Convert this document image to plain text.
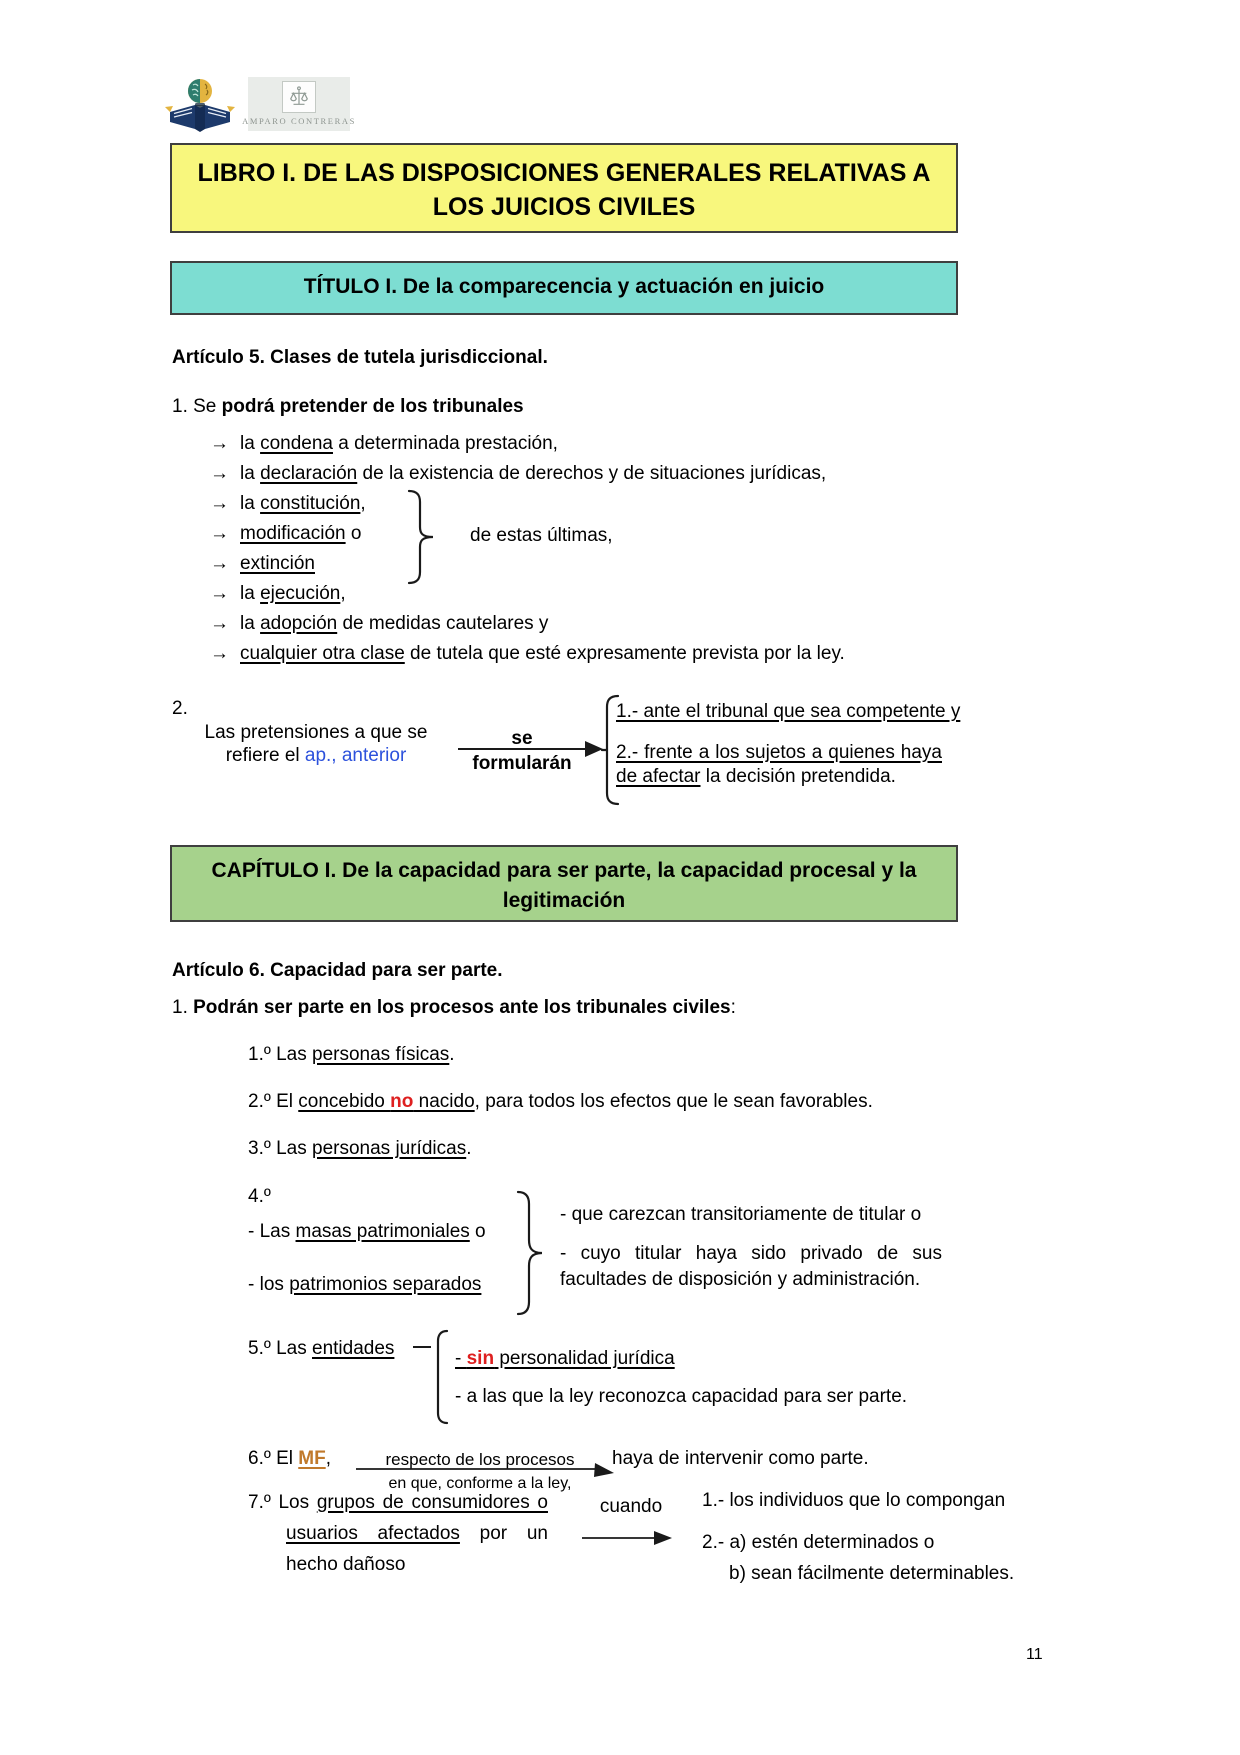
AMPARO CONTRERAS
LIBRO I. DE LAS DISPOSICIONES GENERALES RELATIVAS A LOS JUICIOS CIVILES
TÍTULO I. De la comparecencia y actuación en juicio
CAPÍTULO I. De la capacidad para ser parte, la capacidad procesal y la legitimación
Artículo 5. Clases de tutela jurisdiccional.
1. Se podrá pretender de los tribunales
→ la condena a determinada prestación,
→ la declaración de la existencia de derechos y de situaciones jurídicas,
→ la constitución,
→ modificación o
→ extinción
→ la ejecución,
→ la adopción de medidas cautelares y
→ cualquier otra clase de tutela que esté expresamente prevista por la ley.
de estas últimas,
2.
Las pretensiones a que se
refiere el ap., anterior
se
formularán
1.- ante el tribunal que sea competente y
2.- frente a los sujetos a quienes haya de afectar la decisión pretendida.
Artículo 6. Capacidad para ser parte.
1. Podrán ser parte en los procesos ante los tribunales civiles:
1.º Las personas físicas.
2.º El concebido no nacido, para todos los efectos que le sean favorables.
3.º Las personas jurídicas.
4.º
- Las masas patrimoniales o
- los patrimonios separados
- que carezcan transitoriamente de titular o
- cuyo titular haya sido privado de sus facultades de disposición y administración.
5.º Las entidades	- sin personalidad jurídica
- a las que la ley reconozca capacidad para ser parte.
6.º El MF,	respecto de los procesos
en que, conforme a la ley,
haya de intervenir como parte.
7.º Los grupos de consumidores o usuarios afectados por un hecho dañoso
cuando	1.- los individuos que lo compongan
2.- a) estén determinados o
b) sean fácilmente determinables.
11
